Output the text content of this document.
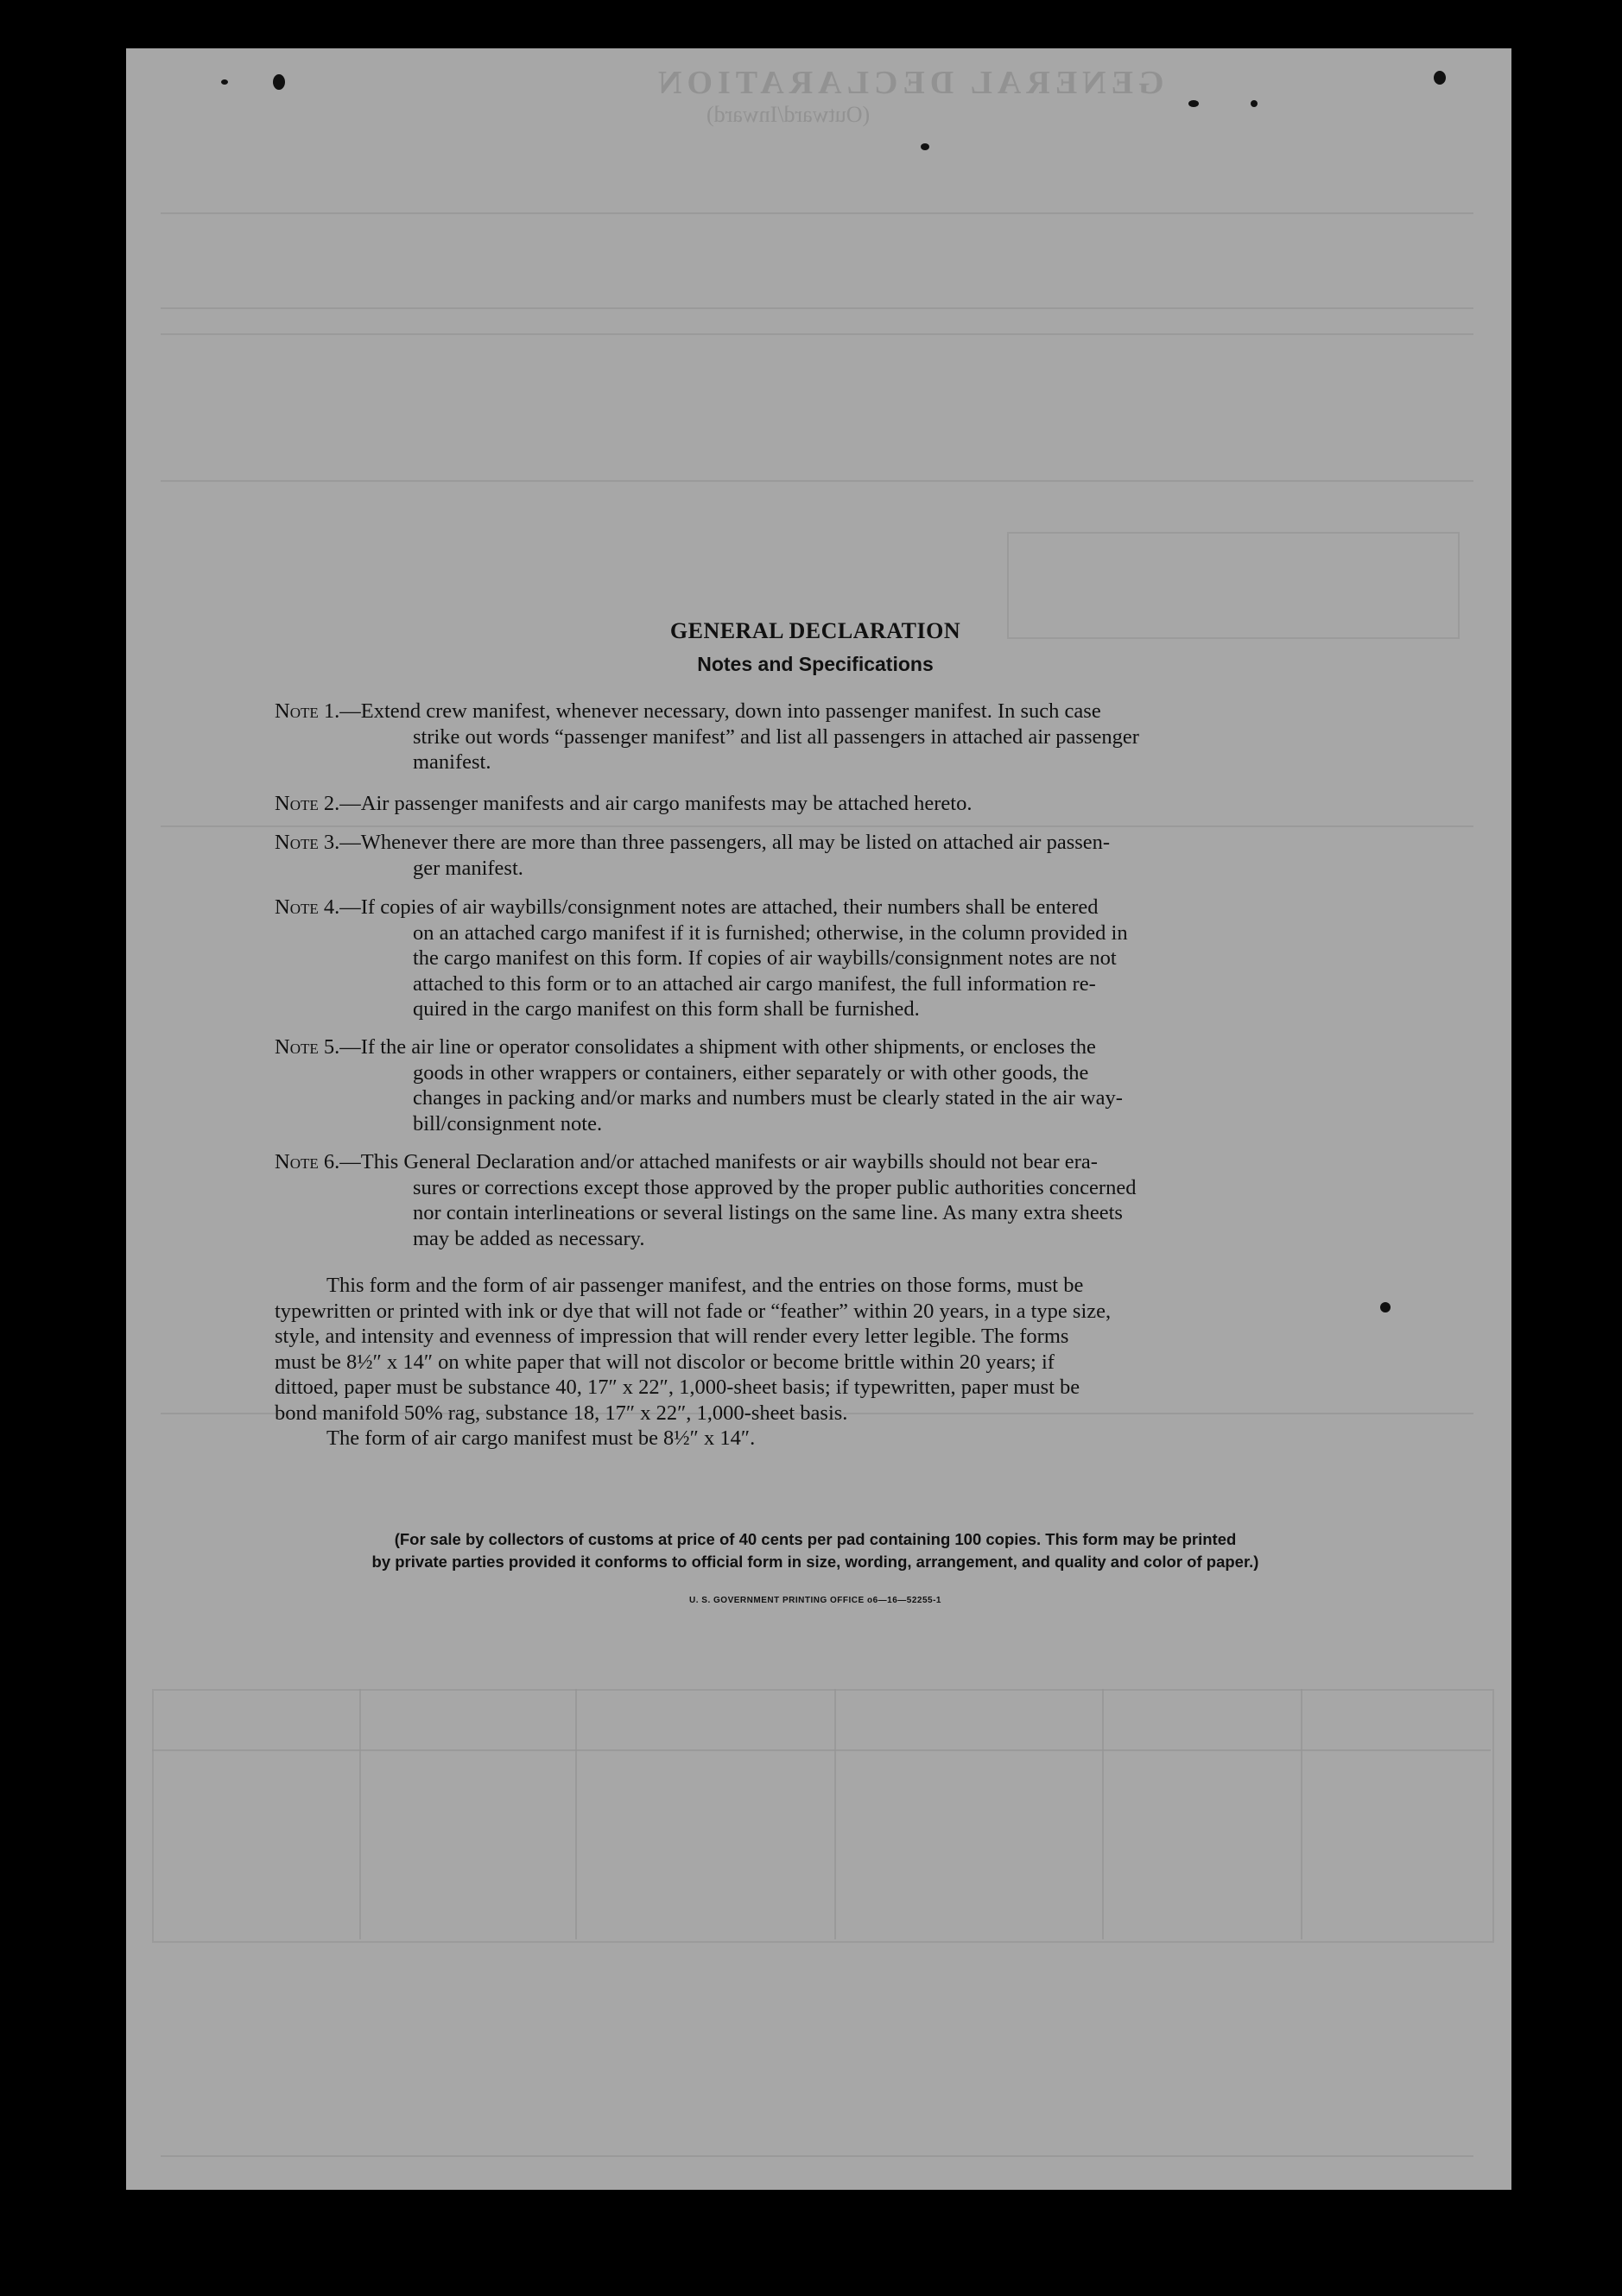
GENERAL DECLARATION
(Outward/Inward)
GENERAL DECLARATION
Notes and Specifications
Note 1.—Extend crew manifest, whenever necessary, down into passenger manifest. In such case
strike out words “passenger manifest” and list all passengers in attached air passenger
manifest.
Note 2.—Air passenger manifests and air cargo manifests may be attached hereto.
Note 3.—Whenever there are more than three passengers, all may be listed on attached air passen-
ger manifest.
Note 4.—If copies of air waybills/consignment notes are attached, their numbers shall be entered
on an attached cargo manifest if it is furnished; otherwise, in the column provided in
the cargo manifest on this form. If copies of air waybills/consignment notes are not
attached to this form or to an attached air cargo manifest, the full information re-
quired in the cargo manifest on this form shall be furnished.
Note 5.—If the air line or operator consolidates a shipment with other shipments, or encloses the
goods in other wrappers or containers, either separately or with other goods, the
changes in packing and/or marks and numbers must be clearly stated in the air way-
bill/consignment note.
Note 6.—This General Declaration and/or attached manifests or air waybills should not bear era-
sures or corrections except those approved by the proper public authorities concerned
nor contain interlineations or several listings on the same line. As many extra sheets
may be added as necessary.
This form and the form of air passenger manifest, and the entries on those forms, must be
typewritten or printed with ink or dye that will not fade or “feather” within 20 years, in a type size,
style, and intensity and evenness of impression that will render every letter legible. The forms
must be 8½″ x 14″ on white paper that will not discolor or become brittle within 20 years; if
dittoed, paper must be substance 40, 17″ x 22″, 1,000-sheet basis; if typewritten, paper must be
bond manifold 50% rag, substance 18, 17″ x 22″, 1,000-sheet basis.
The form of air cargo manifest must be 8½″ x 14″.
(For sale by collectors of customs at price of 40 cents per pad containing 100 copies. This form may be printed
by private parties provided it conforms to official form in size, wording, arrangement, and quality and color of paper.)
U. S. GOVERNMENT PRINTING OFFICE o6—16—52255-1
